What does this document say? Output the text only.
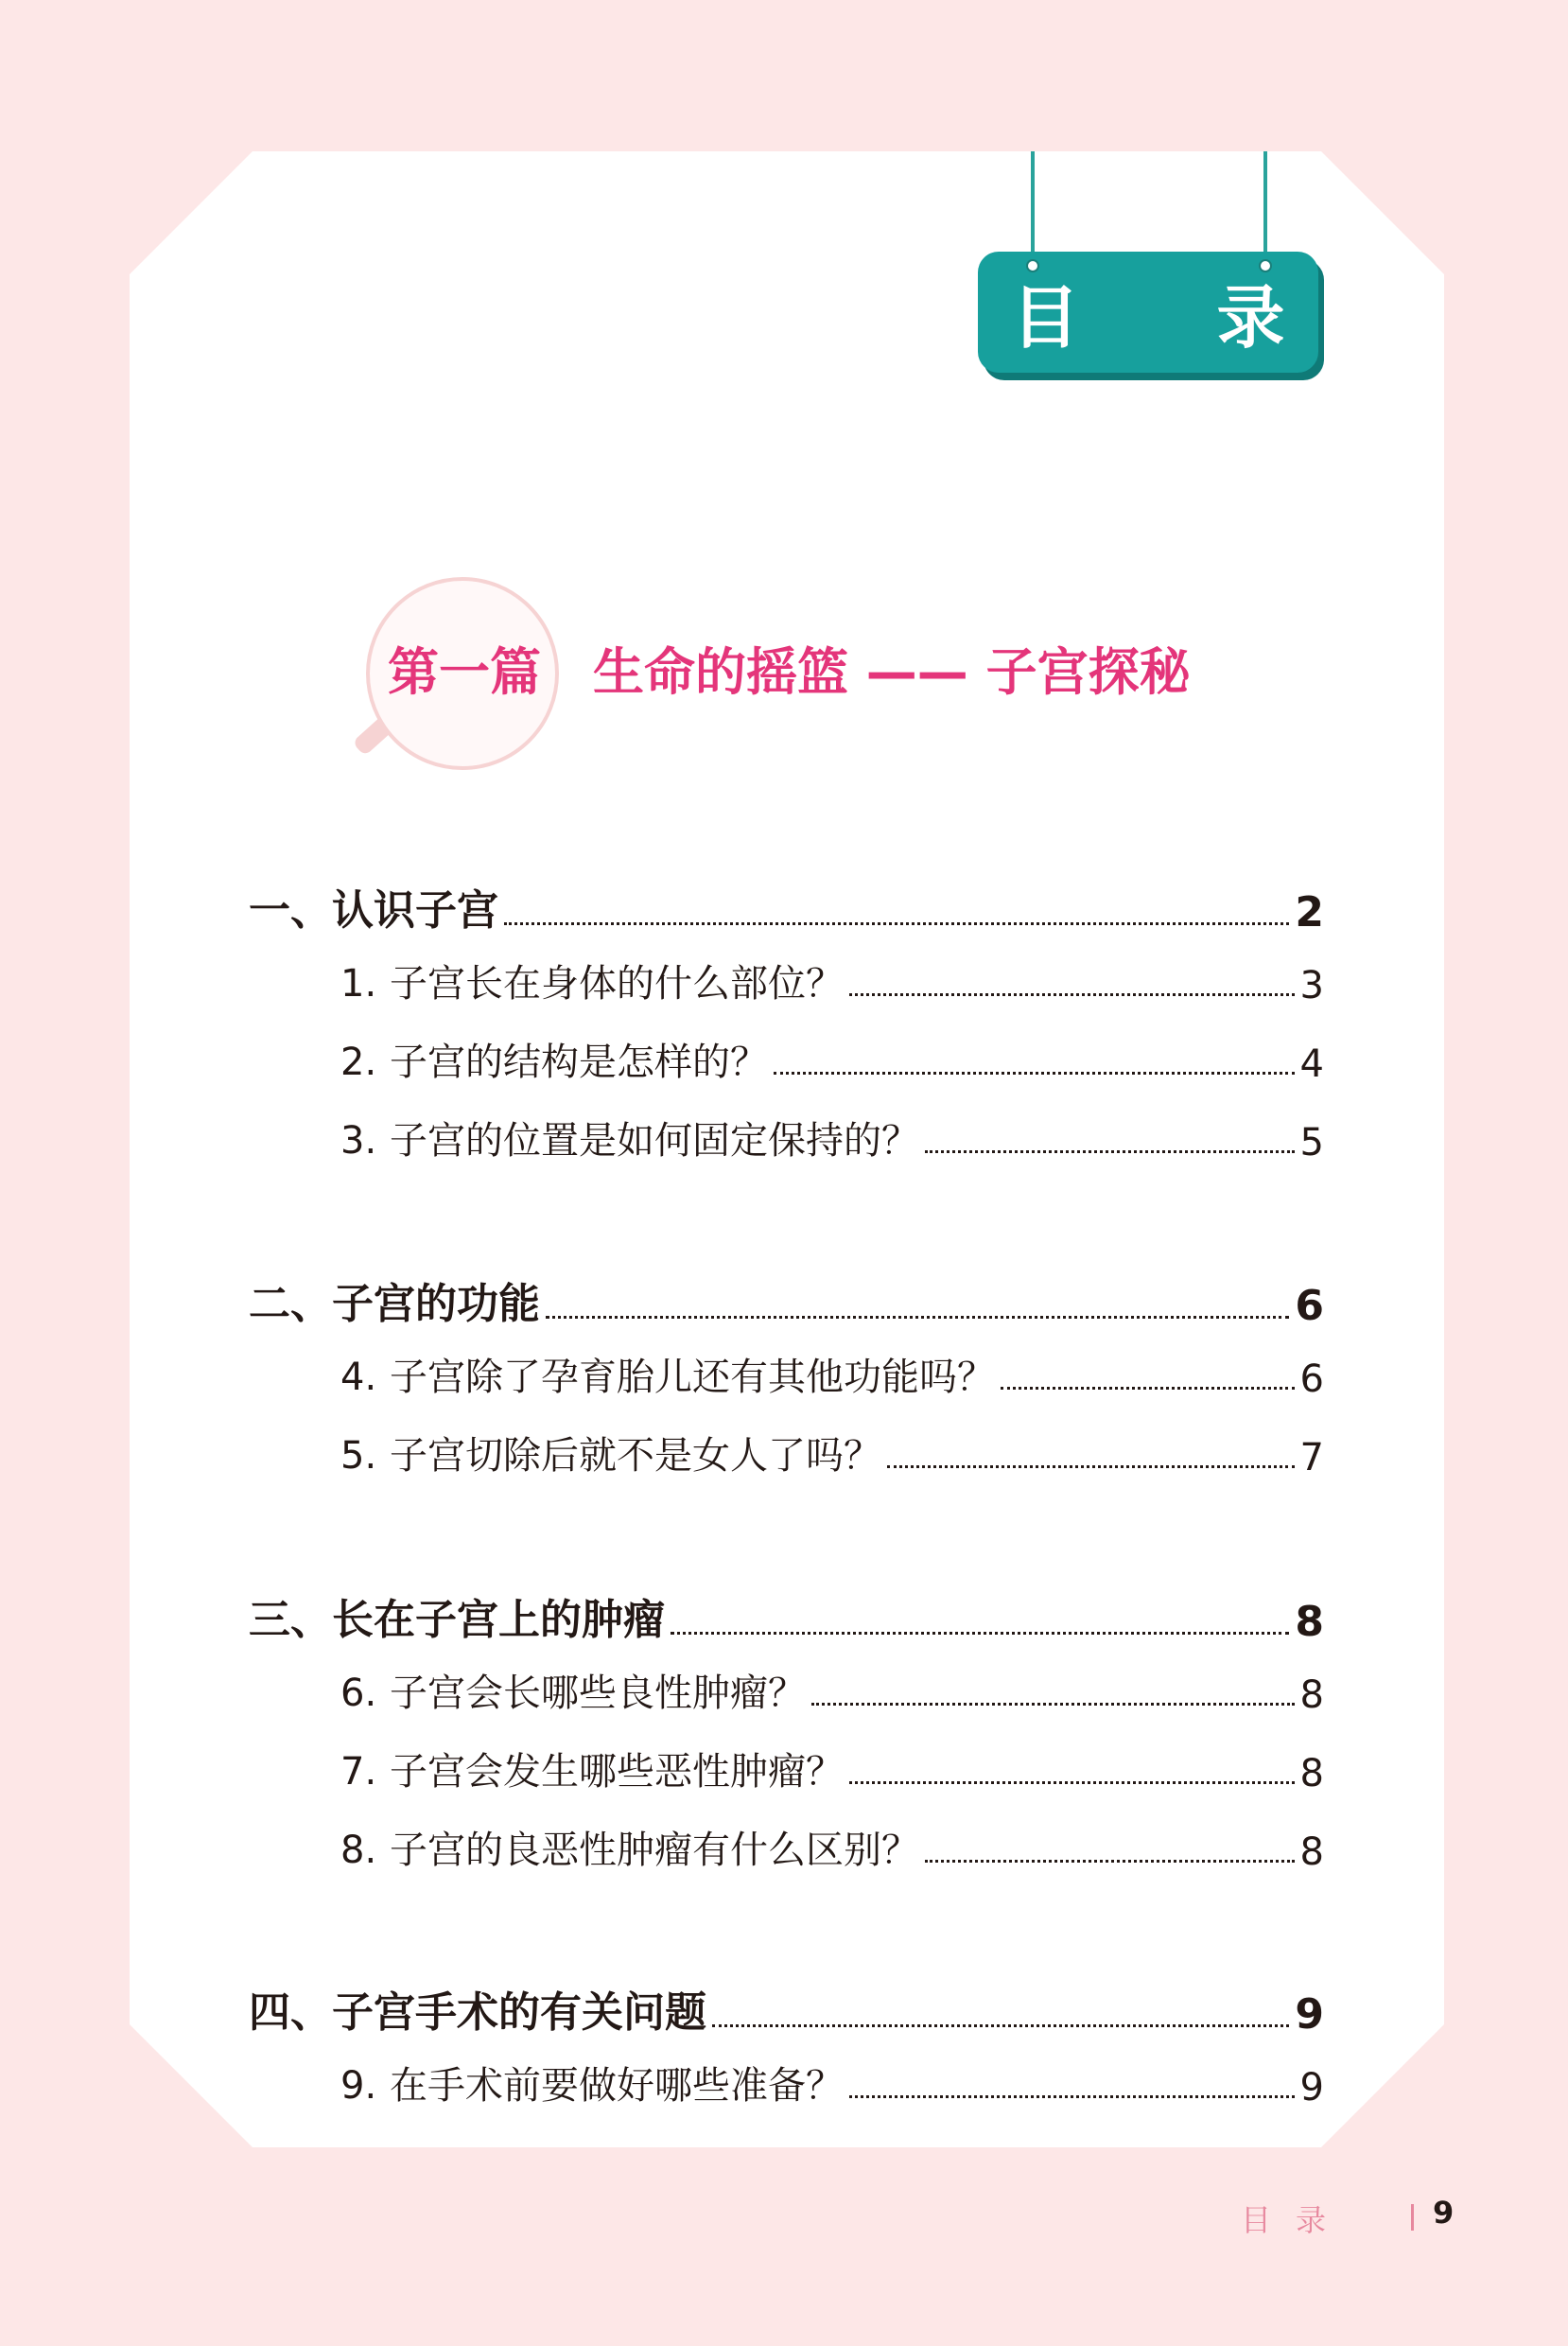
目 录
第一篇 生命的摇篮 —— 子宫探秘
一、认识子宫	2
1. 子宫长在身体的什么部位？	3
2. 子宫的结构是怎样的？	4
3. 子宫的位置是如何固定保持的？	5
二、子宫的功能	6
4. 子宫除了孕育胎儿还有其他功能吗？	6
5. 子宫切除后就不是女人了吗？	7
三、长在子宫上的肿瘤	8
6. 子宫会长哪些良性肿瘤？	8
7. 子宫会发生哪些恶性肿瘤？	8
8. 子宫的良恶性肿瘤有什么区别？	8
四、子宫手术的有关问题	9
9. 在手术前要做好哪些准备？	9
目录	9
